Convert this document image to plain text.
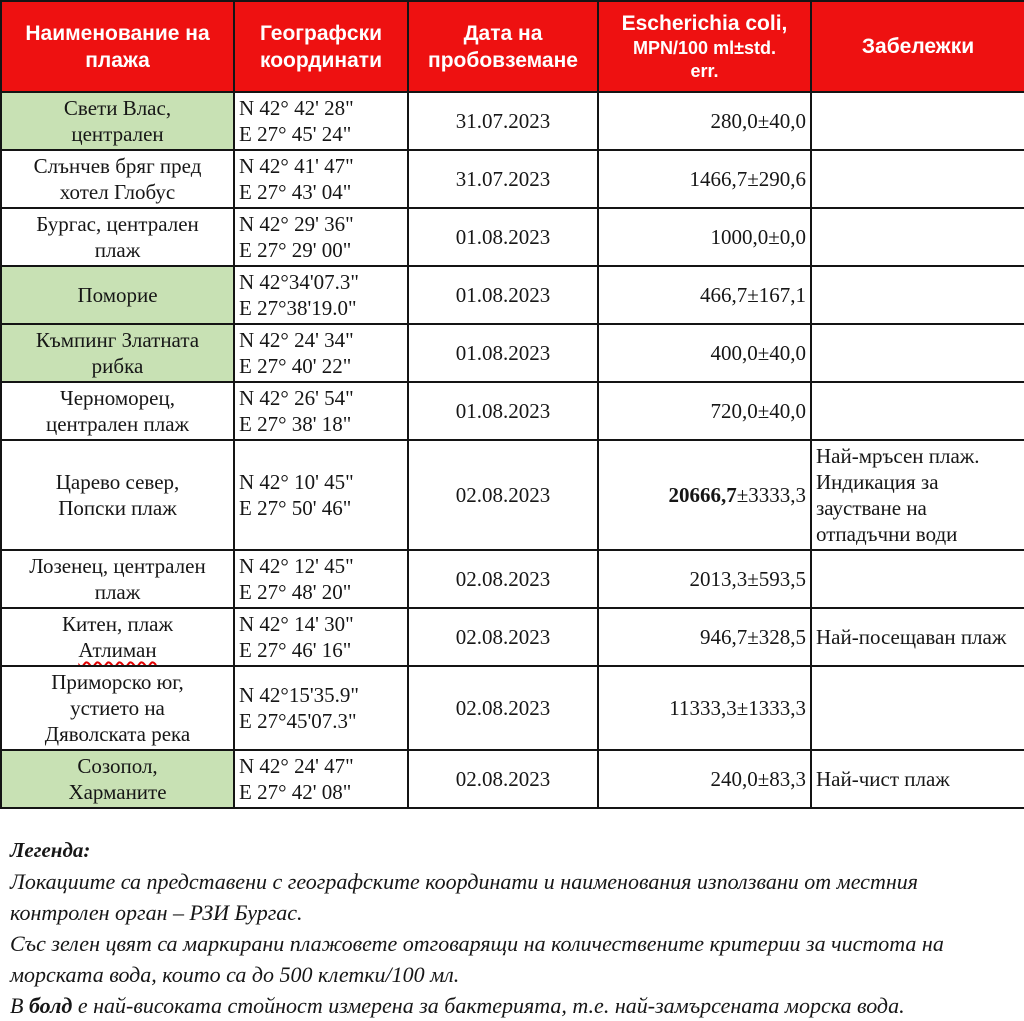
Наименование на плажа	Географски координати	Дата на пробовземане	Escherichia coli,
MPN/100 ml±std.
err.	Забележки
Свети Влас,
централен	N 42° 42' 28"
E 27° 45' 24"	31.07.2023	280,0±40,0	
Слънчев бряг пред
хотел Глобус	N 42° 41' 47"
E 27° 43' 04"	31.07.2023	1466,7±290,6	
Бургас, централен
плаж	N 42° 29' 36"
E 27° 29' 00"	01.08.2023	1000,0±0,0	
Поморие	N 42°34'07.3"
E 27°38'19.0"	01.08.2023	466,7±167,1	
Къмпинг Златната
рибка	N 42° 24' 34"
E 27° 40' 22"	01.08.2023	400,0±40,0	
Черноморец,
централен плаж	N 42° 26' 54"
E 27° 38' 18"	01.08.2023	720,0±40,0	
Царево север,
Попски плаж	N 42° 10' 45"
E 27° 50' 46"	02.08.2023	20666,7±3333,3	Най-мръсен плаж. Индикация за заустване на отпадъчни води
Лозенец, централен
плаж	N 42° 12' 45"
E 27° 48' 20"	02.08.2023	2013,3±593,5	
Китен, плаж
Атлиман	N 42° 14' 30"
E 27° 46' 16"	02.08.2023	946,7±328,5	Най-посещаван плаж
Приморско юг,
устието на
Дяволската река	N 42°15'35.9"
E 27°45'07.3"	02.08.2023	11333,3±1333,3	
Созопол,
Харманите	N 42° 24' 47"
E 27° 42' 08"	02.08.2023	240,0±83,3	Най-чист плаж

Легенда:

Локациите са представени с географските координати и наименования използвани от местния контролен орган – РЗИ Бургас.

Със зелен цвят са маркирани плажовете отговарящи на количествените критерии за чистота на морската вода, които са до 500 клетки/100 мл.

В болд е най-високата стойност измерена за бактерията, т.е. най-замърсената морска вода.
